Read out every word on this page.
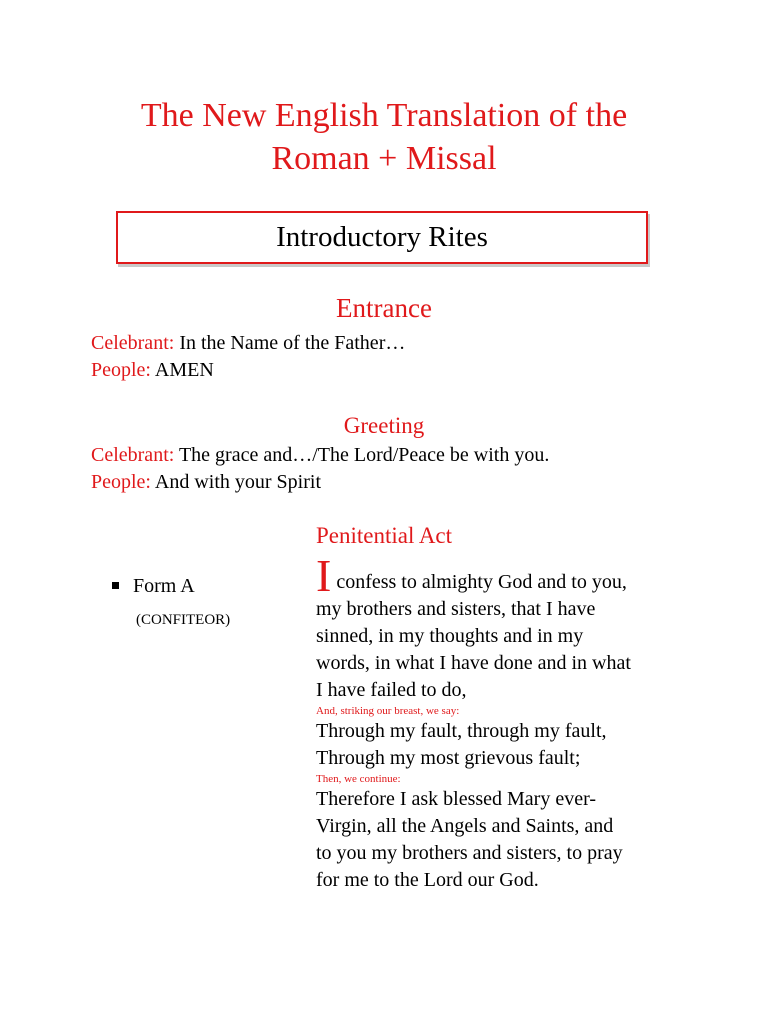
The New English Translation of the
Roman + Missal
Introductory Rites
Entrance
Celebrant: In the Name of the Father…
People: AMEN
Greeting
Celebrant: The grace and…/The Lord/Peace be with you.
People: And with your Spirit
Penitential Act
Form A
(CONFITEOR)
I confess to almighty God and to you,
my brothers and sisters, that I have
sinned, in my thoughts and in my
words, in what I have done and in what
I have failed to do,
And, striking our breast, we say:
Through my fault, through my fault,
Through my most grievous fault;
Then, we continue:
Therefore I ask blessed Mary ever-
Virgin, all the Angels and Saints, and
to you my brothers and sisters, to pray
for me to the Lord our God.
